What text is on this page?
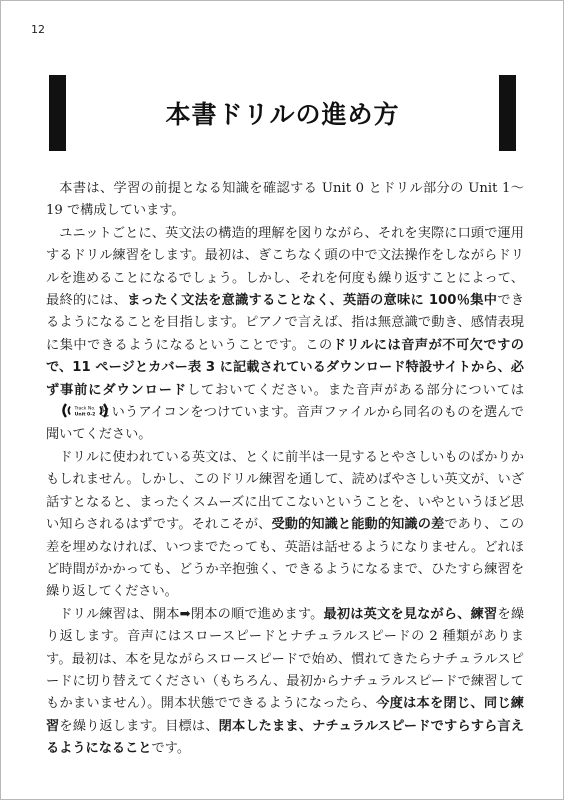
12
本書ドリルの進め方

本書は、学習の前提となる知識を確認する Unit 0 とドリル部分の Unit 1〜19 で構成しています。

ユニットごとに、英文法の構造的理解を図りながら、それを実際に口頭で運用するドリル練習をします。最初は、ぎこちなく頭の中で文法操作をしながらドリルを進めることになるでしょう。しかし、それを何度も繰り返すことによって、最終的には、まったく文法を意識することなく、英語の意味に 100％集中できるようになることを目指します。ピアノで言えば、指は無意識で動き、感情表現に集中できるようになるということです。このドリルには音声が不可欠ですので、11 ページとカバー表 3 に記載されているダウンロード特設サイトから、必ず事前にダウンロードしておいてください。また音声がある部分については
Track No.
Unit 0-2 というアイコンをつけています。音声ファイルから同名のものを選んで聞いてください。

ドリルに使われている英文は、とくに前半は一見するとやさしいものばかりかもしれません。しかし、このドリル練習を通して、読めばやさしい英文が、いざ話すとなると、まったくスムーズに出てこないということを、いやというほど思い知らされるはずです。それこそが、受動的知識と能動的知識の差であり、この差を埋めなければ、いつまでたっても、英語は話せるようになりません。どれほど時間がかかっても、どうか辛抱強く、できるようになるまで、ひたすら練習を繰り返してください。

ドリル練習は、開本➡閉本の順で進めます。最初は英文を見ながら、練習を繰り返します。音声にはスロースピードとナチュラルスピードの 2 種類があります。最初は、本を見ながらスロースピードで始め、慣れてきたらナチュラルスピードに切り替えてください（もちろん、最初からナチュラルスピードで練習してもかまいません）。開本状態でできるようになったら、今度は本を閉じ、同じ練習を繰り返します。目標は、閉本したまま、ナチュラルスピードですらすら言えるようになることです。
